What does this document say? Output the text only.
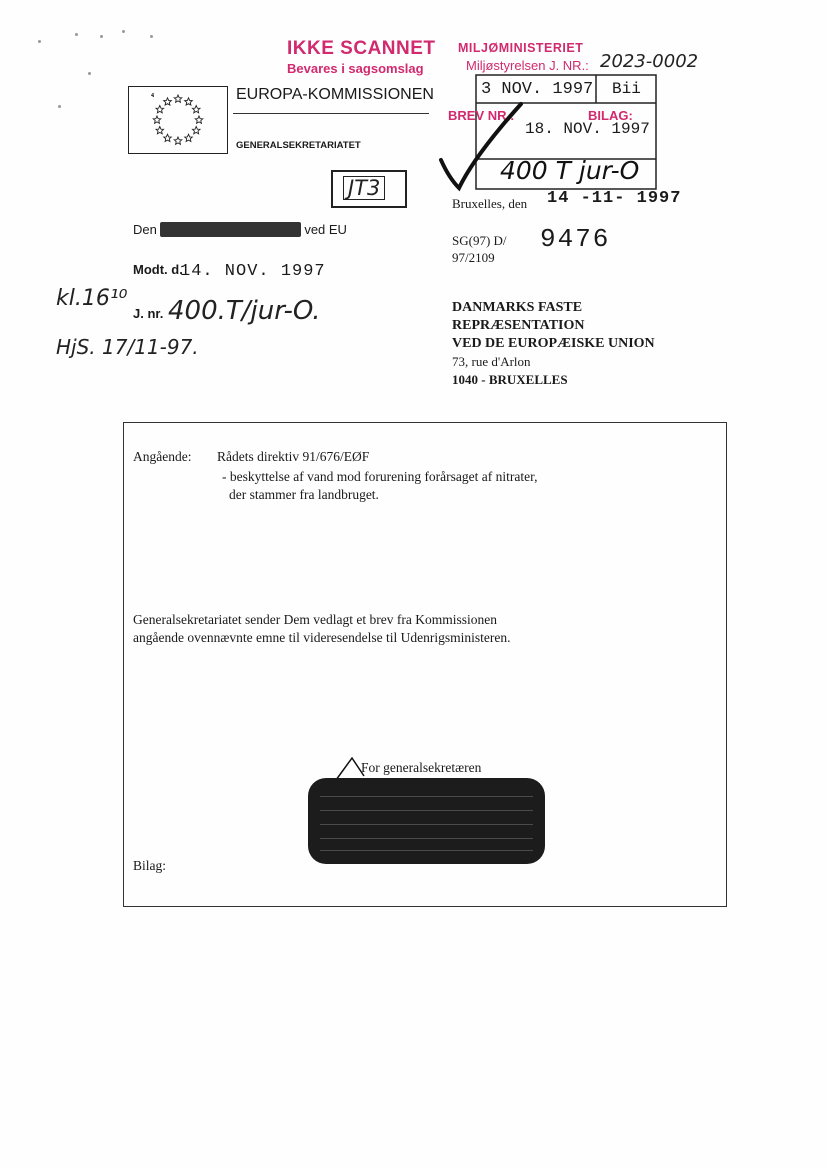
IKKE SCANNET
Bevares i sagsomslag
MILJØMINISTERIET
Miljøstyrelsen J. NR.: 2023-0002
EUROPA-KOMMISSIONEN
GENERALSEKRETARIATET
JT3
3 NOV. 1997 Bii
BREV NR.:	BILAG:
18. NOV. 1997
400 T jur-O
Bruxelles, den 14 -11- 1997
SG(97) D/ 9476
97/2109
Den Danske Repræsentation ved EU
Modt. d.
14. NOV. 1997
kl.16¹⁰
J. nr. 400.T/jur-O.
HjS. 17/11-97.
DANMARKS FASTE
REPRÆSENTATION
VED DE EUROPÆISKE UNION
73, rue d'Arlon
1040 - BRUXELLES
Angående: Rådets direktiv 91/676/EØF
- beskyttelse af vand mod forurening forårsaget af nitrater,
der stammer fra landbruget.
Generalsekretariatet sender Dem vedlagt et brev fra Kommissionen
angående ovennævnte emne til videresendelse til Udenrigsministeren.
For generalsekretæren
Bilag:
